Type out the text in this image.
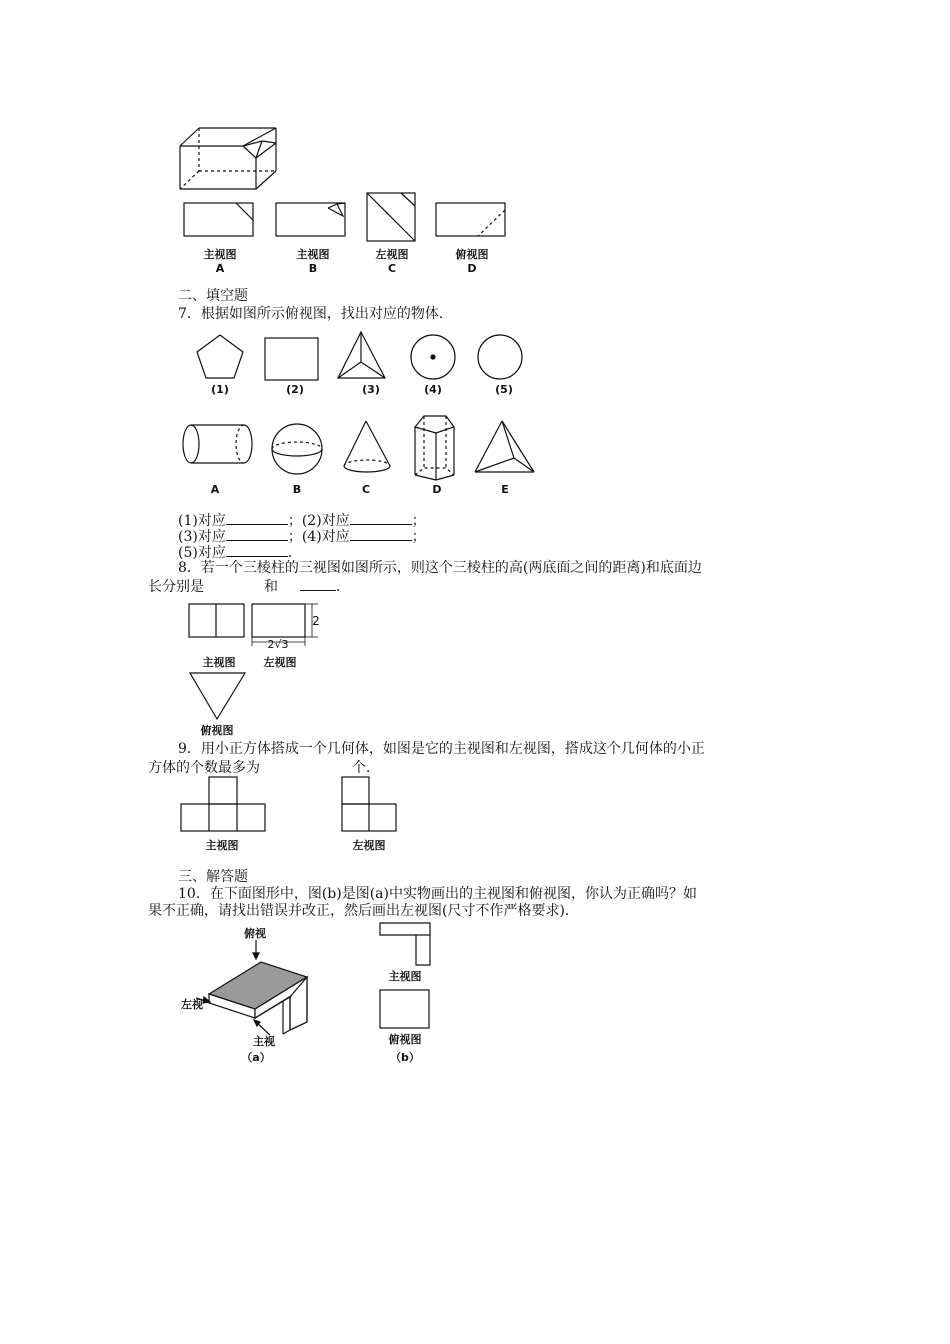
主视图	主视图	左视图	俯视图
A	B	C	D
二、填空题
7．根据如图所示俯视图，找出对应的物体．
(1)	(2)	(3)	(4)	(5)
A	B	C	D	E
(1)对应	；(2)对应	；
(3)对应	；(4)对应	；
(5)对应	．
8．若一个三棱柱的三视图如图所示，则这个三棱柱的高(两底面之间的距离)和底面边
长分别是	和	．
2
2√3
主视图	左视图
俯视图
9．用小正方体搭成一个几何体，如图是它的主视图和左视图，搭成这个几何体的小正
方体的个数最多为	个．
主视图	左视图
三、解答题
10．在下面图形中，图(b)是图(a)中实物画出的主视图和俯视图，你认为正确吗？如
果不正确，请找出错误并改正，然后画出左视图(尺寸不作严格要求)．
俯视
左视
主视
（a）
主视图
俯视图
（b）
